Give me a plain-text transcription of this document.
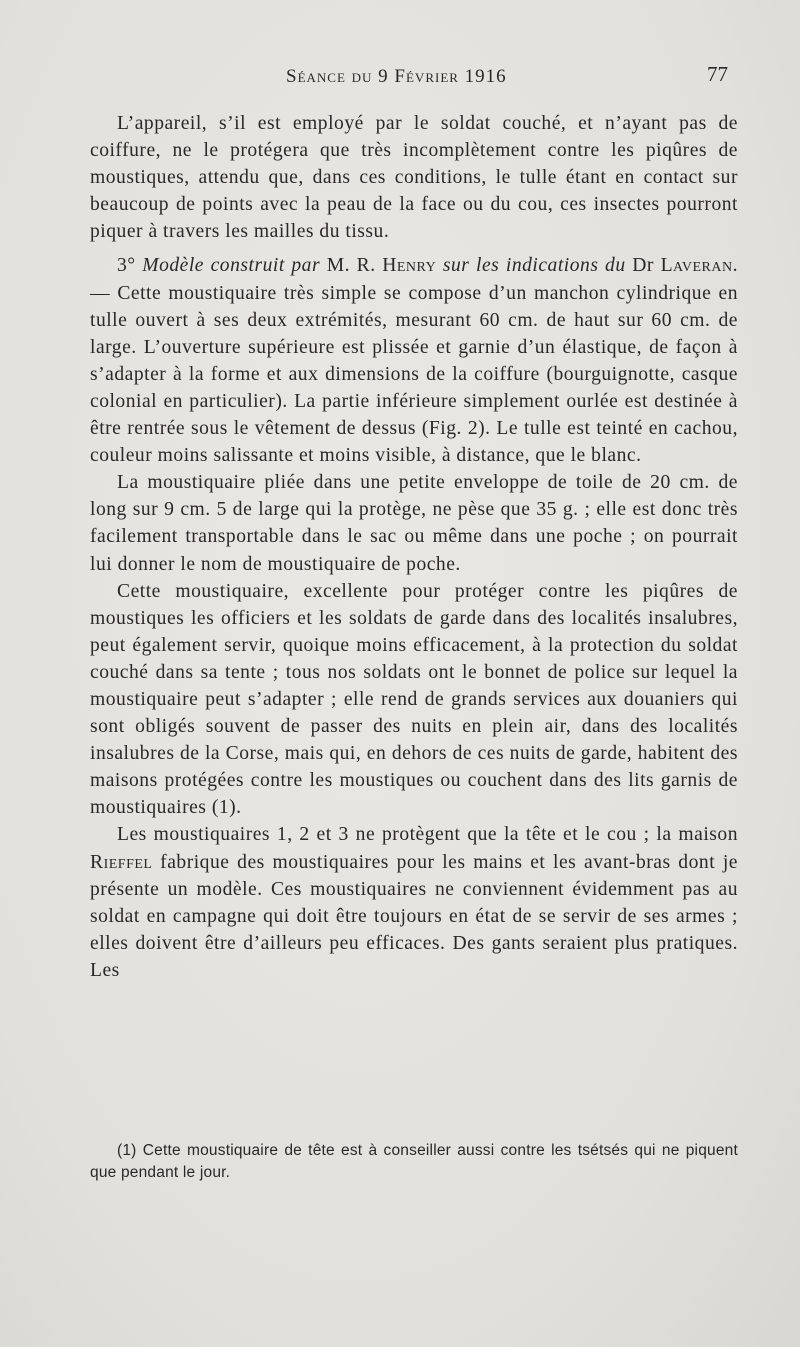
Séance du 9 Février 1916	77

L’appareil, s’il est employé par le soldat couché, et n’ayant pas de coiffure, ne le protégera que très incomplètement contre les piqûres de moustiques, attendu que, dans ces conditions, le tulle étant en contact sur beaucoup de points avec la peau de la face ou du cou, ces insectes pourront piquer à travers les mailles du tissu.

3° Modèle construit par M. R. Henry sur les indications du Dr Laveran. — Cette moustiquaire très simple se compose d’un manchon cylindrique en tulle ouvert à ses deux extrémités, mesurant 60 cm. de haut sur 60 cm. de large. L’ouverture supérieure est plissée et garnie d’un élastique, de façon à s’adapter à la forme et aux dimensions de la coiffure (bourguignotte, casque colonial en particulier). La partie inférieure simplement ourlée est destinée à être rentrée sous le vêtement de dessus (Fig. 2). Le tulle est teinté en cachou, couleur moins salissante et moins visible, à distance, que le blanc.

La moustiquaire pliée dans une petite enveloppe de toile de 20 cm. de long sur 9 cm. 5 de large qui la protège, ne pèse que 35 g. ; elle est donc très facilement transportable dans le sac ou même dans une poche ; on pourrait lui donner le nom de moustiquaire de poche.

Cette moustiquaire, excellente pour protéger contre les piqûres de moustiques les officiers et les soldats de garde dans des localités insalubres, peut également servir, quoique moins efficacement, à la protection du soldat couché dans sa tente ; tous nos soldats ont le bonnet de police sur lequel la moustiquaire peut s’adapter ; elle rend de grands services aux douaniers qui sont obligés souvent de passer des nuits en plein air, dans des localités insalubres de la Corse, mais qui, en dehors de ces nuits de garde, habitent des maisons protégées contre les moustiques ou couchent dans des lits garnis de moustiquaires (1).

Les moustiquaires 1, 2 et 3 ne protègent que la tête et le cou ; la maison Rieffel fabrique des moustiquaires pour les mains et les avant-bras dont je présente un modèle. Ces moustiquaires ne conviennent évidemment pas au soldat en campagne qui doit être toujours en état de se servir de ses armes ; elles doivent être d’ailleurs peu efficaces. Des gants seraient plus pratiques. Les

(1) Cette moustiquaire de tête est à conseiller aussi contre les tsétsés qui ne piquent que pendant le jour.
